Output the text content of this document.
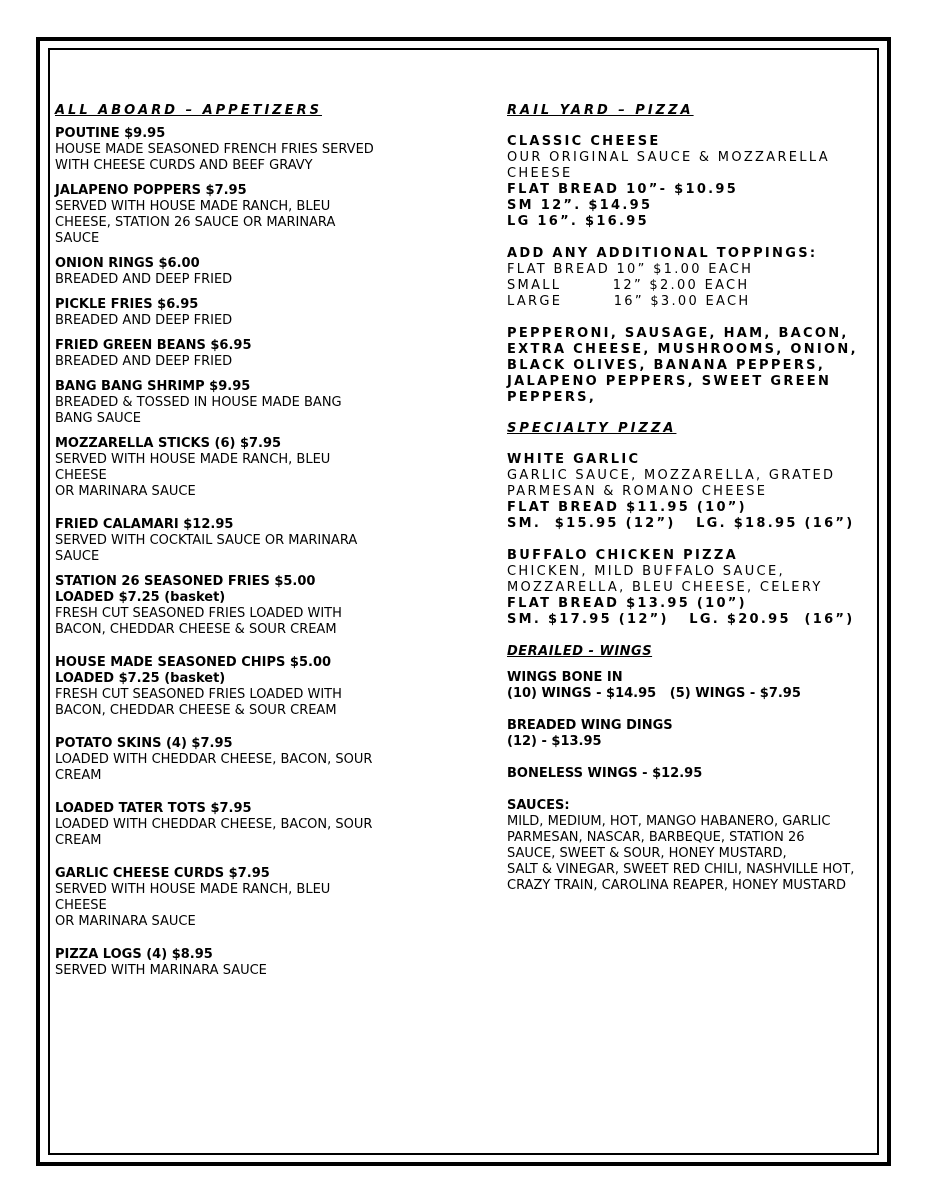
ALL ABOARD – APPETIZERS
POUTINE $9.95
HOUSE MADE SEASONED FRENCH FRIES SERVED
WITH CHEESE CURDS AND BEEF GRAVY
JALAPENO POPPERS $7.95
SERVED WITH HOUSE MADE RANCH, BLEU
CHEESE, STATION 26 SAUCE OR MARINARA
SAUCE
ONION RINGS $6.00
BREADED AND DEEP FRIED
PICKLE FRIES $6.95
BREADED AND DEEP FRIED
FRIED GREEN BEANS $6.95
BREADED AND DEEP FRIED
BANG BANG SHRIMP $9.95
BREADED & TOSSED IN HOUSE MADE BANG
BANG SAUCE
MOZZARELLA STICKS (6) $7.95
SERVED WITH HOUSE MADE RANCH, BLEU
CHEESE
OR MARINARA SAUCE
FRIED CALAMARI $12.95
SERVED WITH COCKTAIL SAUCE OR MARINARA
SAUCE
STATION 26 SEASONED FRIES $5.00
LOADED $7.25 (basket)
FRESH CUT SEASONED FRIES LOADED WITH
BACON, CHEDDAR CHEESE & SOUR CREAM
HOUSE MADE SEASONED CHIPS $5.00
LOADED $7.25 (basket)
FRESH CUT SEASONED FRIES LOADED WITH
BACON, CHEDDAR CHEESE & SOUR CREAM
POTATO SKINS (4) $7.95
LOADED WITH CHEDDAR CHEESE, BACON, SOUR
CREAM
LOADED TATER TOTS $7.95
LOADED WITH CHEDDAR CHEESE, BACON, SOUR
CREAM
GARLIC CHEESE CURDS $7.95
SERVED WITH HOUSE MADE RANCH, BLEU
CHEESE
OR MARINARA SAUCE
PIZZA LOGS (4) $8.95
SERVED WITH MARINARA SAUCE
RAIL YARD – PIZZA
CLASSIC CHEESE
OUR ORIGINAL SAUCE & MOZZARELLA
CHEESE
FLAT BREAD 10”- $10.95
SM 12”. $14.95
LG 16”. $16.95
ADD ANY ADDITIONAL TOPPINGS:
FLAT BREAD 10” $1.00 EACH
SMALL        12” $2.00 EACH
LARGE        16” $3.00 EACH
PEPPERONI, SAUSAGE, HAM, BACON,
EXTRA CHEESE, MUSHROOMS, ONION,
BLACK OLIVES, BANANA PEPPERS,
JALAPENO PEPPERS, SWEET GREEN
PEPPERS,
SPECIALTY PIZZA
WHITE GARLIC
GARLIC SAUCE, MOZZARELLA, GRATED
PARMESAN & ROMANO CHEESE
FLAT BREAD $11.95 (10”)
SM.  $15.95 (12”)   LG. $18.95 (16”)
BUFFALO CHICKEN PIZZA
CHICKEN, MILD BUFFALO SAUCE,
MOZZARELLA, BLEU CHEESE, CELERY
FLAT BREAD $13.95 (10”)
SM. $17.95 (12”)   LG. $20.95  (16”)
DERAILED - WINGS
WINGS BONE IN
(10) WINGS - $14.95   (5) WINGS - $7.95
BREADED WING DINGS
(12) - $13.95
BONELESS WINGS - $12.95
SAUCES:
MILD, MEDIUM, HOT, MANGO HABANERO, GARLIC
PARMESAN, NASCAR, BARBEQUE, STATION 26
SAUCE, SWEET & SOUR, HONEY MUSTARD,
SALT & VINEGAR, SWEET RED CHILI, NASHVILLE HOT,
CRAZY TRAIN, CAROLINA REAPER, HONEY MUSTARD
